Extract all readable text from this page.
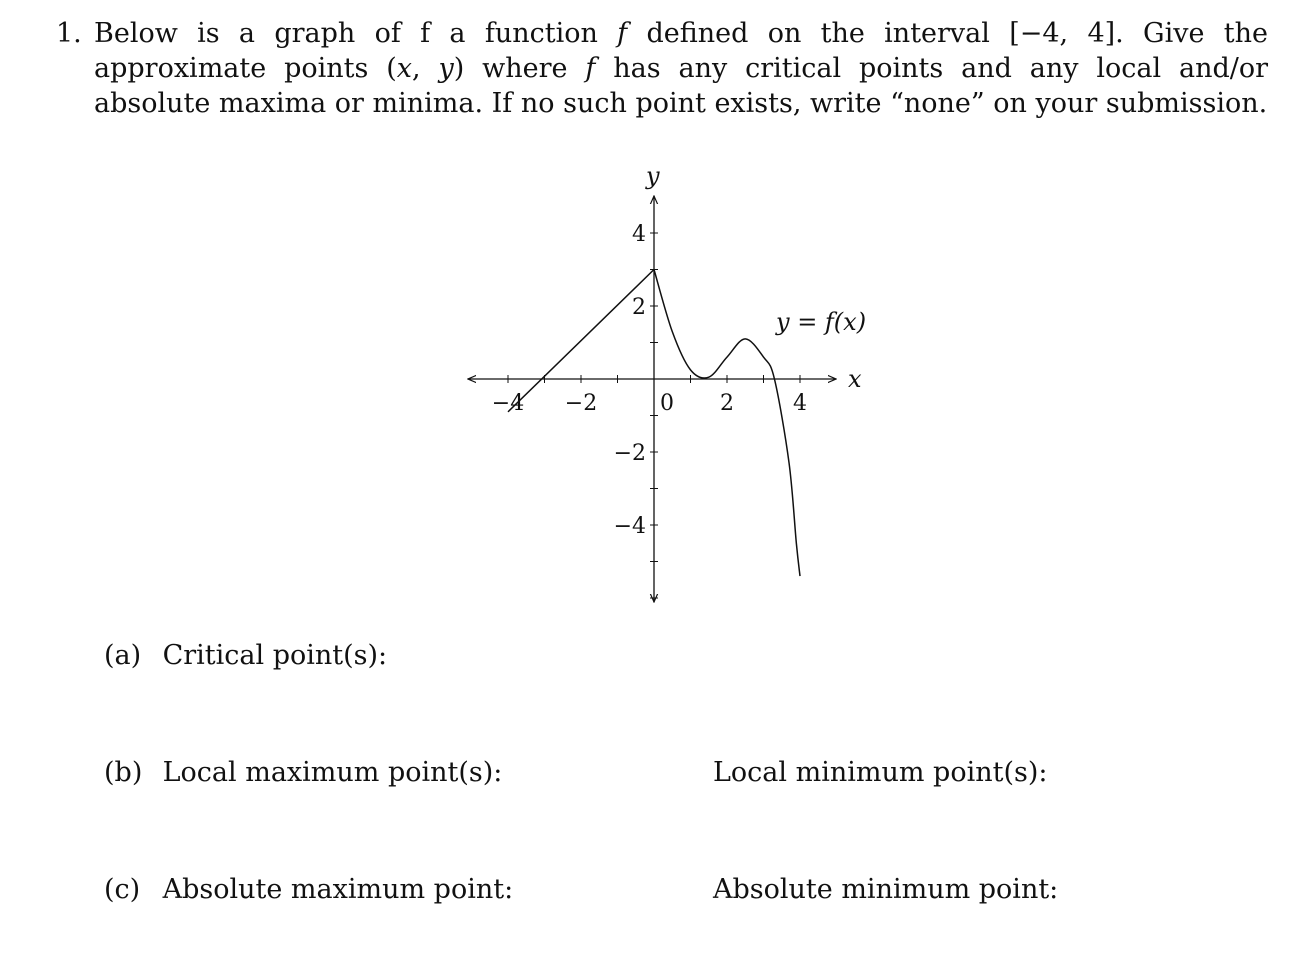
1. Below is a graph of f a function f defined on the interval [−4, 4]. Give the approximate points (x, y) where f has any critical points and any local and/or absolute maxima or minima. If no such point exists, write “none” on your submission.
x
y
y = f(x)
−4 −2	0 2	4
4
2
−2
−4
(a) Critical point(s):
(b) Local maximum point(s):	Local minimum point(s):
(c) Absolute maximum point:	Absolute minimum point:
